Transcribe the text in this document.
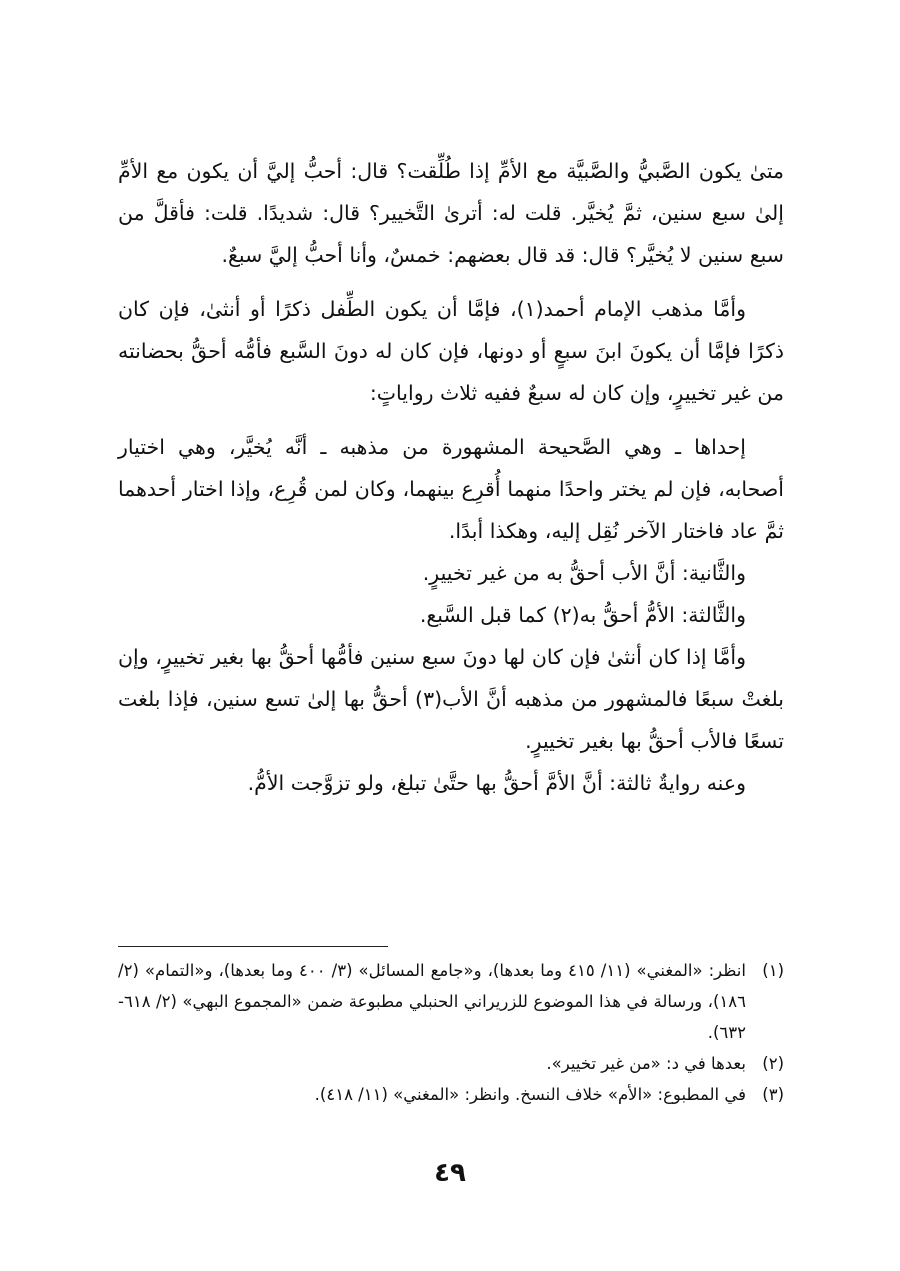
متىٰ يكون الصَّبيُّ والصَّبيَّة مع الأمِّ إذا طُلِّقت؟ قال: أحبُّ إليَّ أن يكون مع الأمِّ إلىٰ سبع سنين، ثمَّ يُخيَّر. قلت له: أترىٰ التَّخيير؟ قال: شديدًا. قلت: فأقلَّ من سبع سنين لا يُخيَّر؟ قال: قد قال بعضهم: خمسٌ، وأنا أحبُّ إليَّ سبعٌ.

وأمَّا مذهب الإمام أحمد(١)، فإمَّا أن يكون الطِّفل ذكرًا أو أنثىٰ، فإن كان ذكرًا فإمَّا أن يكونَ ابنَ سبعٍ أو دونها، فإن كان له دونَ السَّبع فأمُّه أحقُّ بحضانته من غير تخييرٍ، وإن كان له سبعٌ ففيه ثلاث رواياتٍ:

إحداها ـ وهي الصَّحيحة المشهورة من مذهبه ـ أنَّه يُخيَّر، وهي اختيار أصحابه، فإن لم يختر واحدًا منهما أُقرِع بينهما، وكان لمن قُرِع، وإذا اختار أحدهما ثمَّ عاد فاختار الآخر نُقِل إليه، وهكذا أبدًا.

والثَّانية: أنَّ الأب أحقُّ به من غير تخييرٍ.

والثَّالثة: الأمُّ أحقُّ به(٢) كما قبل السَّبع.

وأمَّا إذا كان أنثىٰ فإن كان لها دونَ سبع سنين فأمُّها أحقُّ بها بغير تخييرٍ، وإن بلغتْ سبعًا فالمشهور من مذهبه أنَّ الأب(٣) أحقُّ بها إلىٰ تسع سنين، فإذا بلغت تسعًا فالأب أحقُّ بها بغير تخييرٍ.

وعنه روايةٌ ثالثة: أنَّ الأمَّ أحقُّ بها حتَّىٰ تبلغ، ولو تزوَّجت الأمُّ.

(١)
انظر: «المغني» (١١/ ٤١٥ وما بعدها)، و«جامع المسائل» (٣/ ٤٠٠ وما بعدها)، و«التمام» (٢/ ١٨٦)، ورسالة في هذا الموضوع للزريراني الحنبلي مطبوعة ضمن «المجموع البهي» (٢/ ٦١٨- ٦٣٢).
(٢)
بعدها في د: «من غير تخيير».
(٣)
في المطبوع: «الأم» خلاف النسخ. وانظر: «المغني» (١١/ ٤١٨).
٤٩
